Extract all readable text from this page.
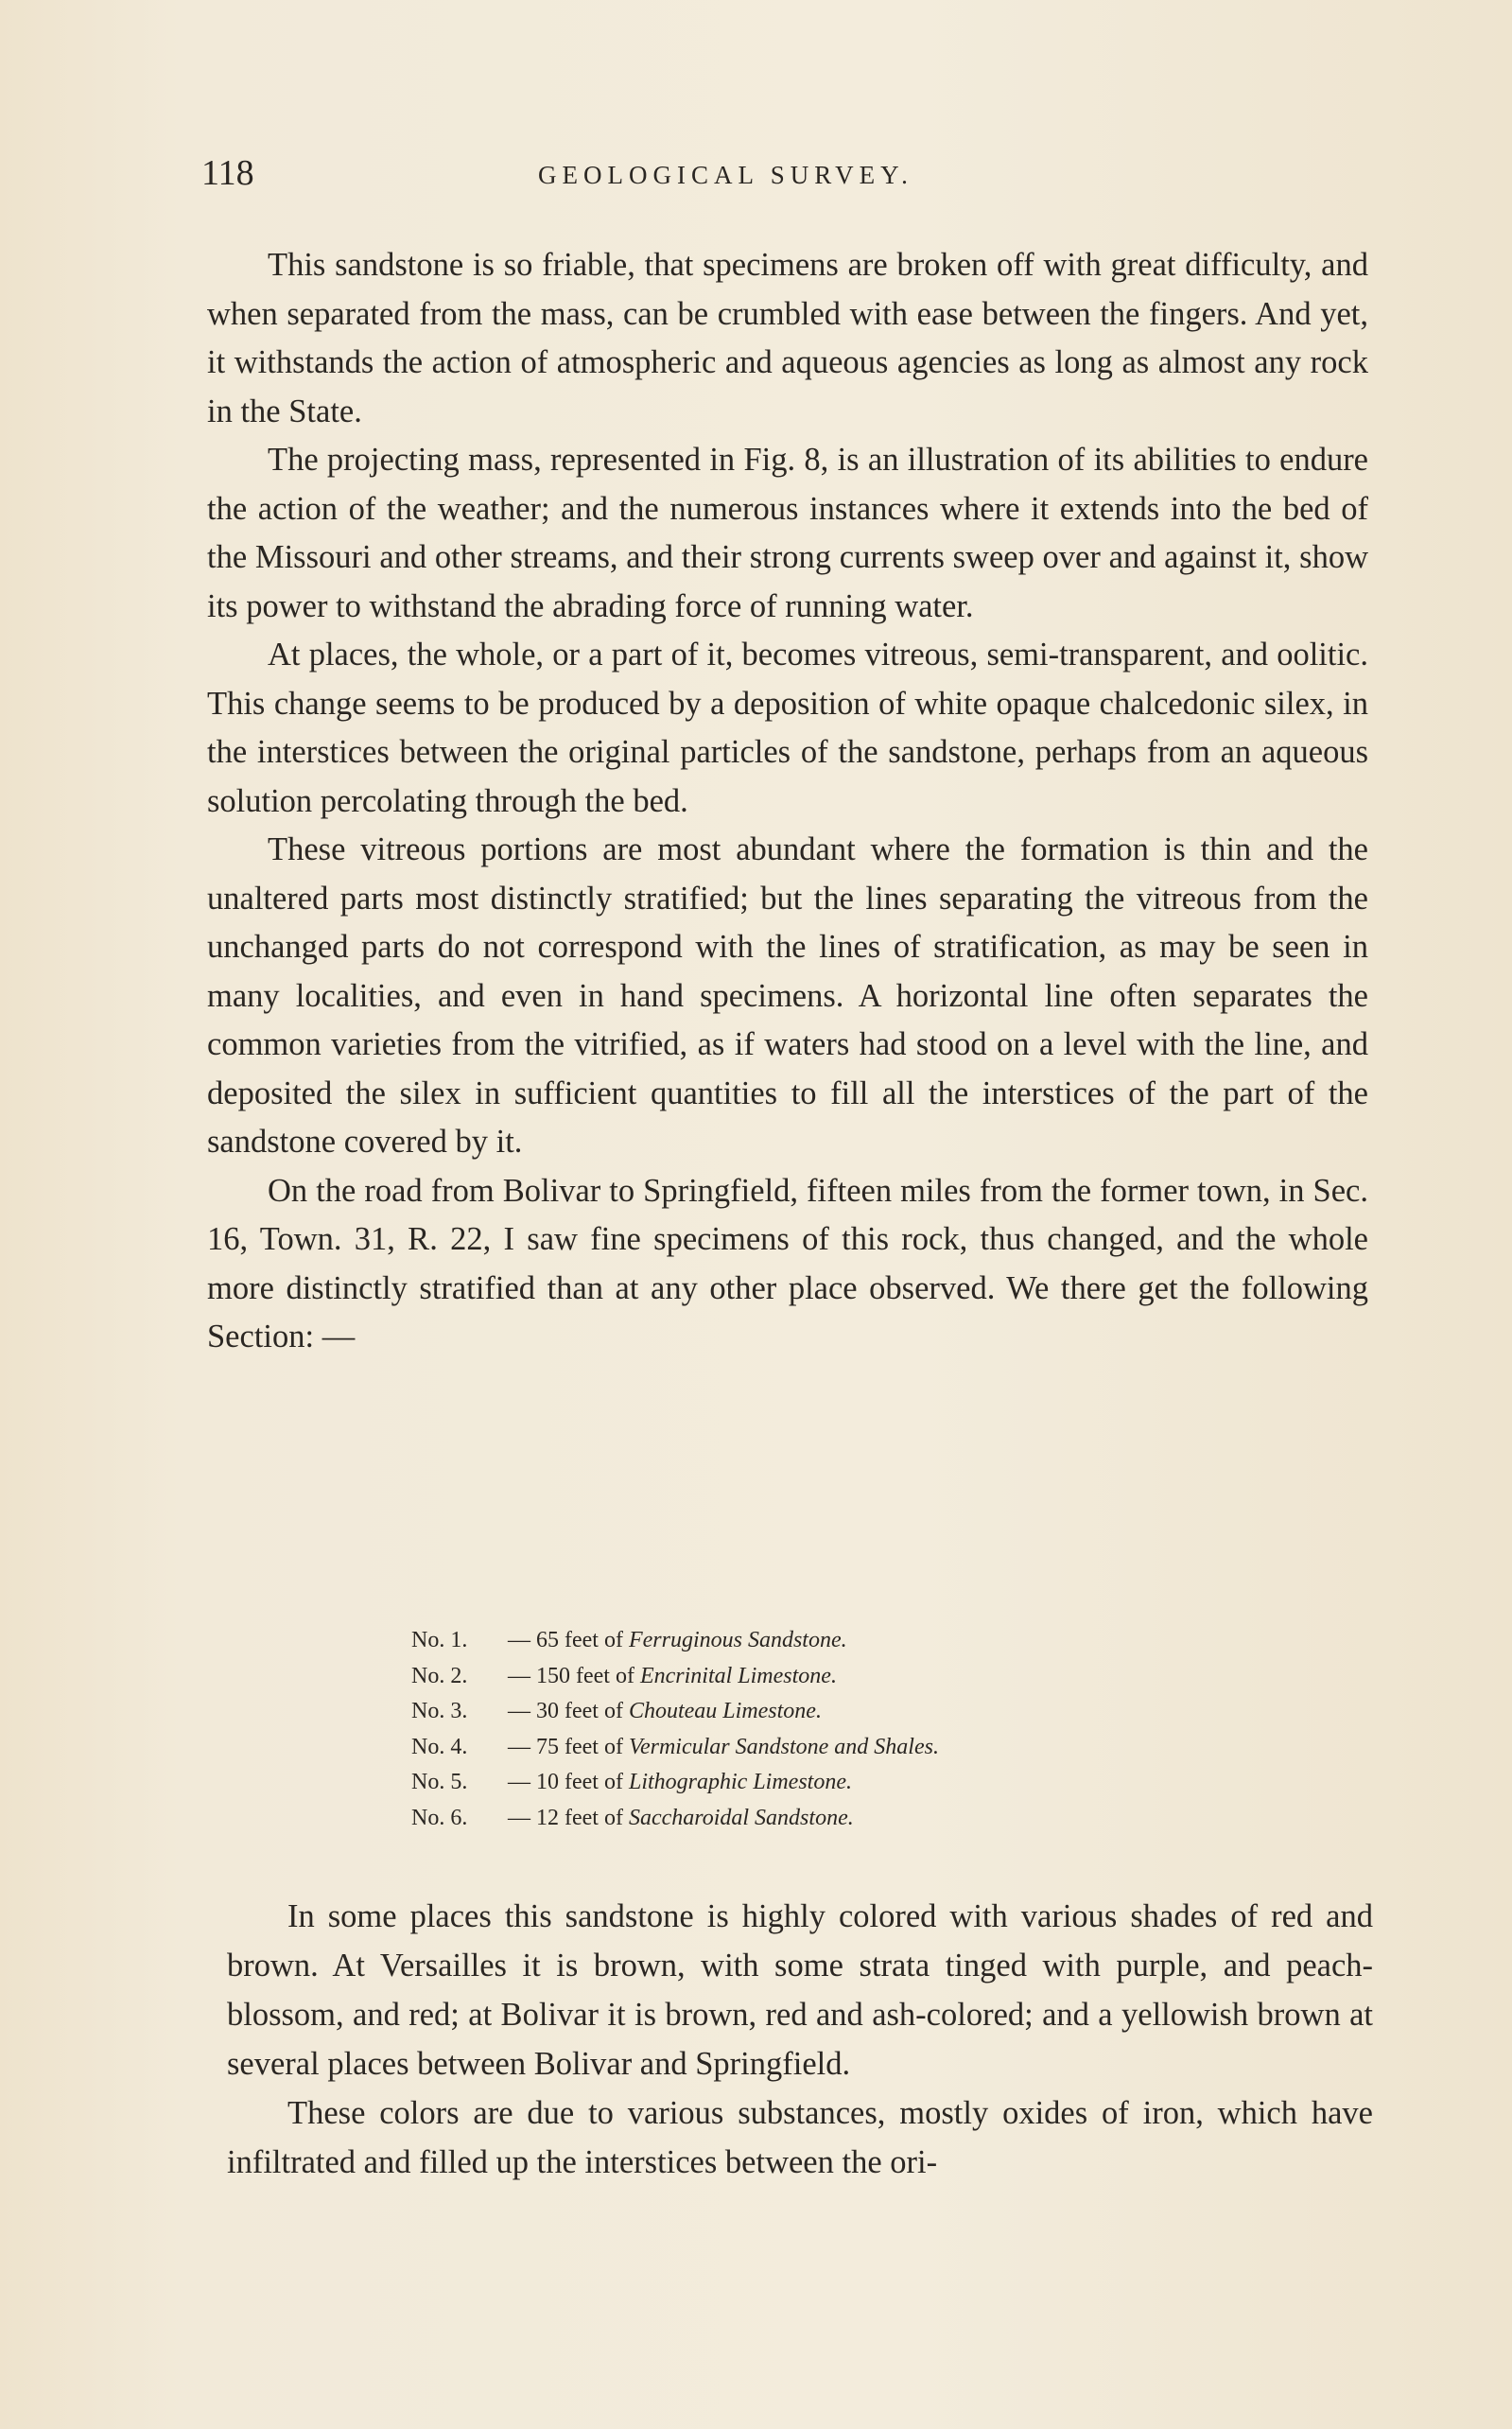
118	GEOLOGICAL SURVEY.

This sandstone is so friable, that specimens are broken off with great difficulty, and when separated from the mass, can be crumbled with ease between the fingers. And yet, it withstands the action of atmospheric and aqueous agencies as long as almost any rock in the State.

The projecting mass, represented in Fig. 8, is an illustration of its abilities to endure the action of the weather; and the numerous instances where it extends into the bed of the Missouri and other streams, and their strong currents sweep over and against it, show its power to withstand the abrading force of running water.

At places, the whole, or a part of it, becomes vitreous, semi-transparent, and oolitic. This change seems to be produced by a deposition of white opaque chalcedonic silex, in the interstices between the original particles of the sandstone, perhaps from an aqueous solution percolating through the bed.

These vitreous portions are most abundant where the formation is thin and the unaltered parts most distinctly stratified; but the lines separating the vitreous from the unchanged parts do not correspond with the lines of stratification, as may be seen in many localities, and even in hand specimens. A horizontal line often separates the common varieties from the vitrified, as if waters had stood on a level with the line, and deposited the silex in sufficient quantities to fill all the interstices of the part of the sandstone covered by it.

On the road from Bolivar to Springfield, fifteen miles from the former town, in Sec. 16, Town. 31, R. 22, I saw fine specimens of this rock, thus changed, and the whole more distinctly stratified than at any other place observed. We there get the following Section: —

No. 1. — 65 feet of Ferruginous Sandstone.
No. 2. — 150 feet of Encrinital Limestone.
No. 3. — 30 feet of Chouteau Limestone.
No. 4. — 75 feet of Vermicular Sandstone and Shales.
No. 5. — 10 feet of Lithographic Limestone.
No. 6. — 12 feet of Saccharoidal Sandstone.

In some places this sandstone is highly colored with various shades of red and brown. At Versailles it is brown, with some strata tinged with purple, and peach-blossom, and red; at Bolivar it is brown, red and ash-colored; and a yellowish brown at several places between Bolivar and Springfield.

These colors are due to various substances, mostly oxides of iron, which have infiltrated and filled up the interstices between the ori-
